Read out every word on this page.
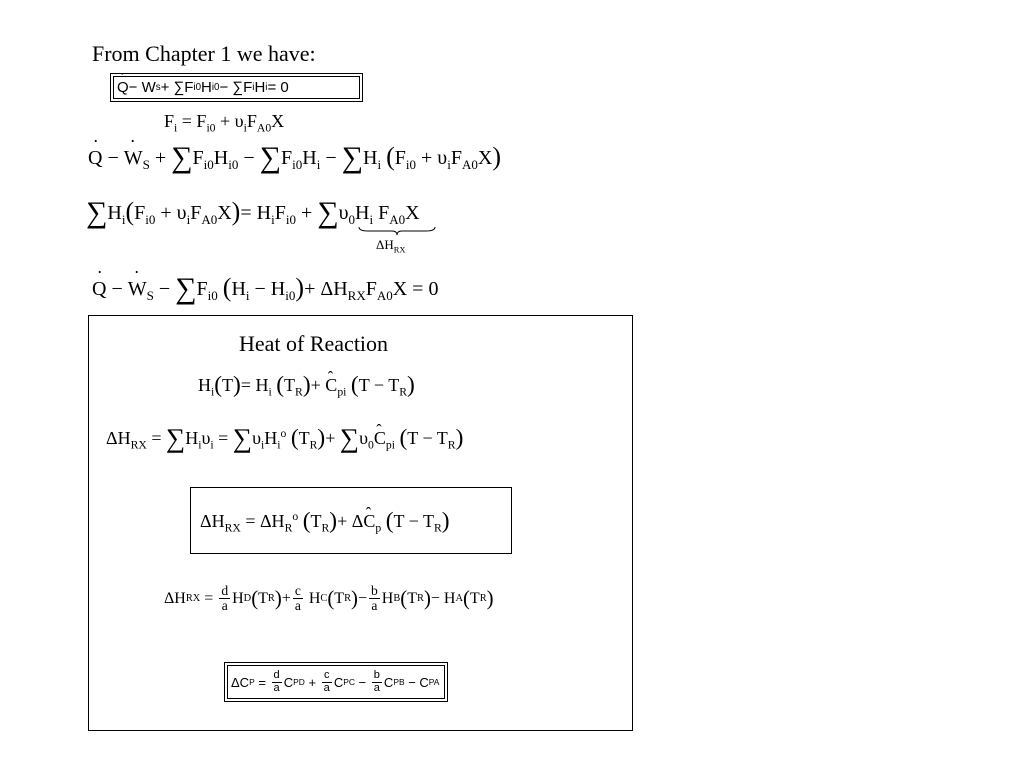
From Chapter 1 we have:
˙ Q − W s + ∑F i0 H i0 − ∑F i H i = 0
$F_i = F_{i0} + \upsilon_iF_{A0}X$
˙ Q − ˙ $W_S + \sum F_{i0}H_{i0} - \sum F_{i0}H_i - \sum H_i$ $(F_{i0} + \upsilon_iF_{A0}X)$
$\sum H_i(F_{i0} + \upsilon_iF_{A0}X)= H_iF_{i0} + \sum\upsilon_0H_i$ $F_{A0}X$
$\Delta H_{RX}$
˙ Q − ˙ $W_S - \sum F_{i0}$ $(H_i - H_{i0})+ \Delta H_{RX}F_{A0}X = 0$
Heat of Reaction
$H_i(T)= H_i$ $(T_R)+$ ˆ $C_{pi}$ $(T - T_R)$
$\Delta H_{RX} = \sum H_i\upsilon_i = \sum\upsilon_iH_i^o$ $(T_R)+$ $\sum\upsilon_0ˆ$ $C_{pi}$ $(T - T_R)$
$\Delta H_{RX} = \Delta H_R^o$ $(T_R)+$ Δˆ $C_p$ $(T - T_R)$
ΔH RX = $\frac{d}{a}$ H D ( T R ) + $\frac{c}{a}$ H C ( T R ) − $\frac{b}{a}$ H B ( T R ) − H A ( T R )
ΔC $P = \frac{d}{a}$ C PD + $\frac{c}{a}$ C PC − $\frac{b}{a}$ C PB − C PA
